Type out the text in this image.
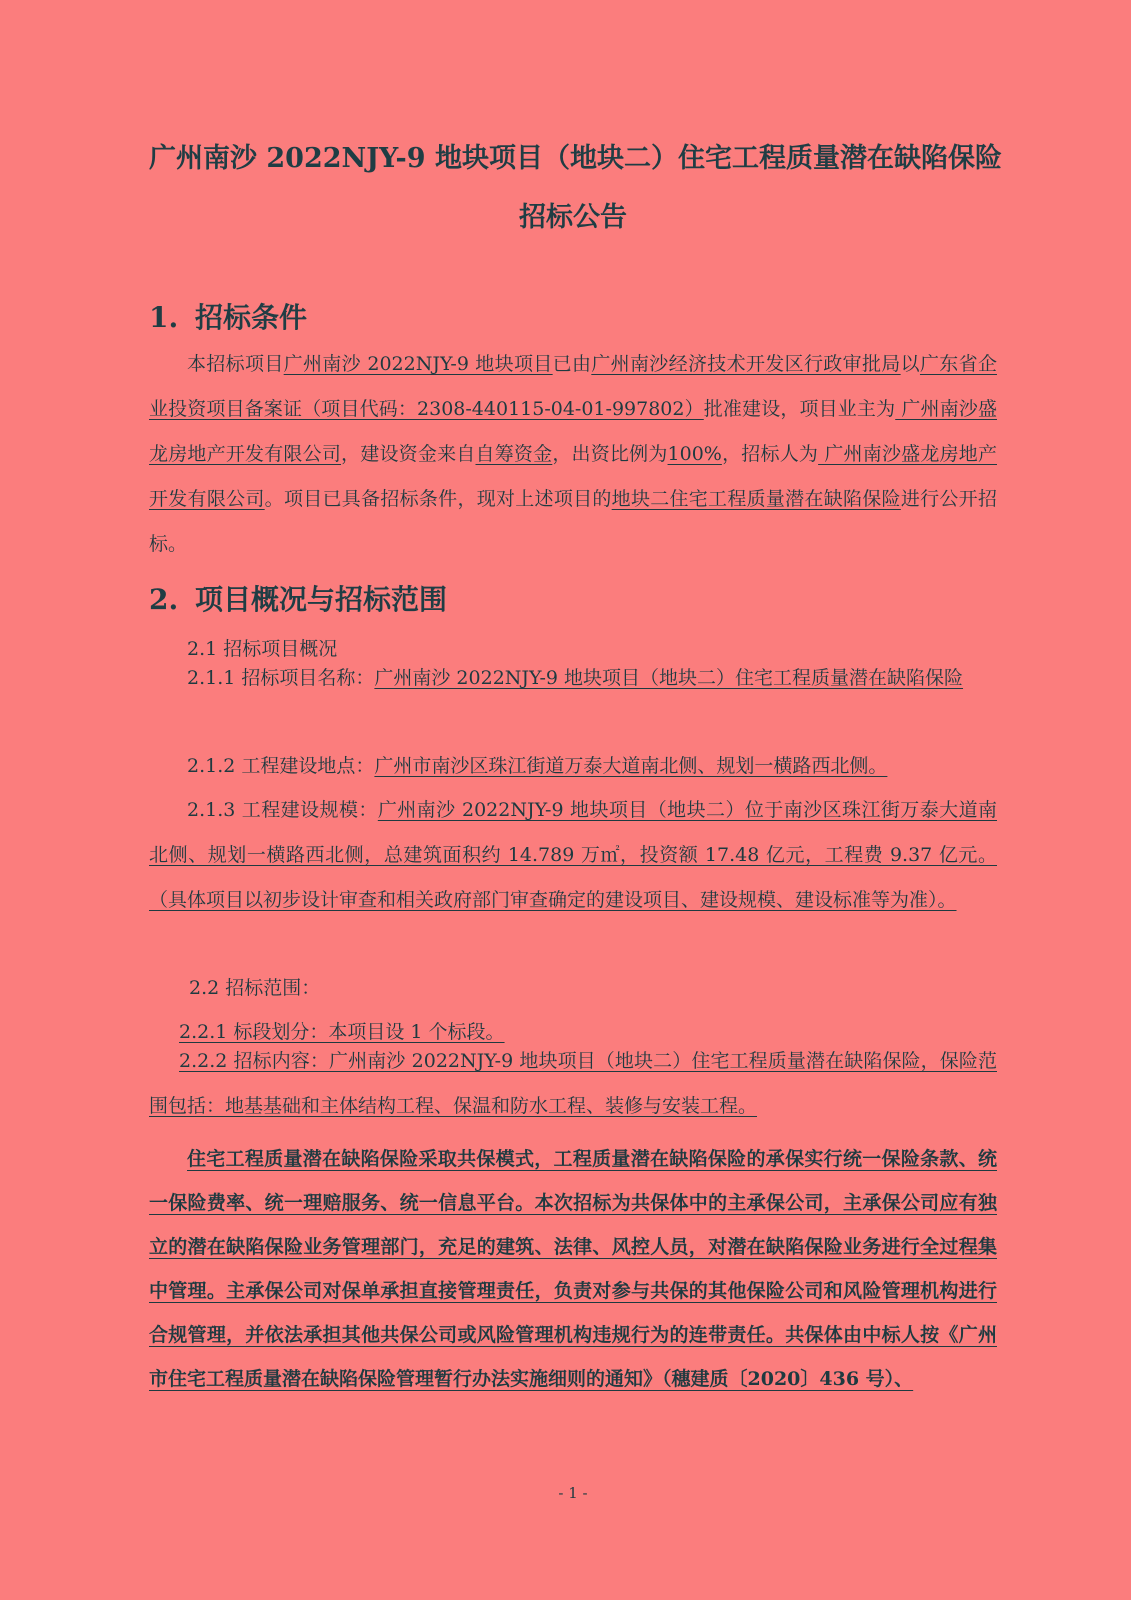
广州南沙 2022NJY-9 地块项目（地块二）住宅工程质量潜在缺陷保险
招标公告
1. 招标条件

本招标项目广州南沙 2022NJY-9 地块项目已由广州南沙经济技术开发区行政审批局以广东省企业投资项目备案证（项目代码：2308-440115-04-01-997802）批准建设，项目业主为 广州南沙盛龙房地产开发有限公司，建设资金来自自筹资金，出资比例为100%，招标人为 广州南沙盛龙房地产开发有限公司。项目已具备招标条件，现对上述项目的地块二住宅工程质量潜在缺陷保险进行公开招标。

2. 项目概况与招标范围

2.1 招标项目概况

2.1.1 招标项目名称：广州南沙 2022NJY-9 地块项目（地块二）住宅工程质量潜在缺陷保险

2.1.2 工程建设地点：广州市南沙区珠江街道万泰大道南北侧、规划一横路西北侧。

2.1.3 工程建设规模：广州南沙 2022NJY-9 地块项目（地块二）位于南沙区珠江街万泰大道南北侧、规划一横路西北侧，总建筑面积约 14.789 万㎡，投资额 17.48 亿元，工程费 9.37 亿元。（具体项目以初步设计审查和相关政府部门审查确定的建设项目、建设规模、建设标准等为准）。

2.2 招标范围：

2.2.1 标段划分：本项目设 1 个标段。

2.2.2 招标内容：广州南沙 2022NJY-9 地块项目（地块二）住宅工程质量潜在缺陷保险，保险范围包括：地基基础和主体结构工程、保温和防水工程、装修与安装工程。

住宅工程质量潜在缺陷保险采取共保模式，工程质量潜在缺陷保险的承保实行统一保险条款、统一保险费率、统一理赔服务、统一信息平台。本次招标为共保体中的主承保公司，主承保公司应有独立的潜在缺陷保险业务管理部门，充足的建筑、法律、风控人员，对潜在缺陷保险业务进行全过程集中管理。主承保公司对保单承担直接管理责任，负责对参与共保的其他保险公司和风险管理机构进行合规管理，并依法承担其他共保公司或风险管理机构违规行为的连带责任。共保体由中标人按《广州市住宅工程质量潜在缺陷保险管理暂行办法实施细则的通知》（穗建质〔2020〕436 号）、

- 1 -
